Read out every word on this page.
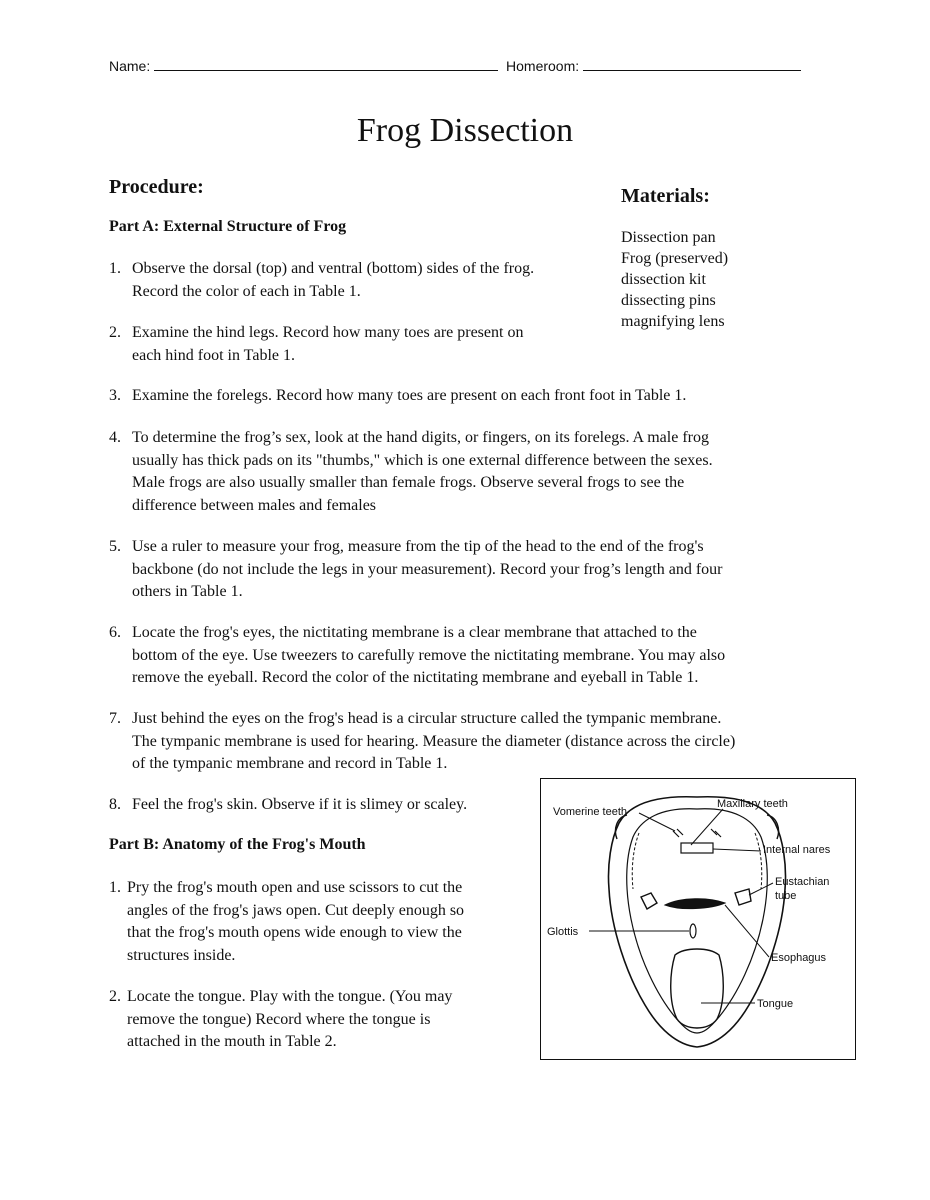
Name:	Homeroom:
Frog Dissection
Procedure:	Materials:
Dissection pan
Frog (preserved)
dissection kit
dissecting pins
magnifying lens
Part A: External Structure of Frog
1. Observe the dorsal (top) and ventral (bottom) sides of the frog.
Record the color of each in Table 1.
2. Examine the hind legs. Record how many toes are present on
each hind foot in Table 1.
3. Examine the forelegs. Record how many toes are present on each front foot in Table 1.
4. To determine the frog’s sex, look at the hand digits, or fingers, on its forelegs. A male frog
usually has thick pads on its "thumbs," which is one external difference between the sexes.
Male frogs are also usually smaller than female frogs. Observe several frogs to see the
difference between males and females
5. Use a ruler to measure your frog, measure from the tip of the head to the end of the frog's
backbone (do not include the legs in your measurement). Record your frog’s length and four
others in Table 1.
6. Locate the frog's eyes, the nictitating membrane is a clear membrane that attached to the
bottom of the eye. Use tweezers to carefully remove the nictitating membrane. You may also
remove the eyeball. Record the color of the nictitating membrane and eyeball in Table 1.
7. Just behind the eyes on the frog's head is a circular structure called the tympanic membrane.
The tympanic membrane is used for hearing. Measure the diameter (distance across the circle)
of the tympanic membrane and record in Table 1.
8. Feel the frog's skin. Observe if it is slimey or scaley.
Part B: Anatomy of the Frog's Mouth
1. Pry the frog's mouth open and use scissors to cut the
angles of the frog's jaws open. Cut deeply enough so
that the frog's mouth opens wide enough to view the
structures inside.
2. Locate the tongue. Play with the tongue. (You may
remove the tongue) Record where the tongue is
attached in the mouth in Table 2.
Vomerine teeth
Maxillary teeth
Internal nares
Eustachian
tube
Glottis
Esophagus
Tongue
